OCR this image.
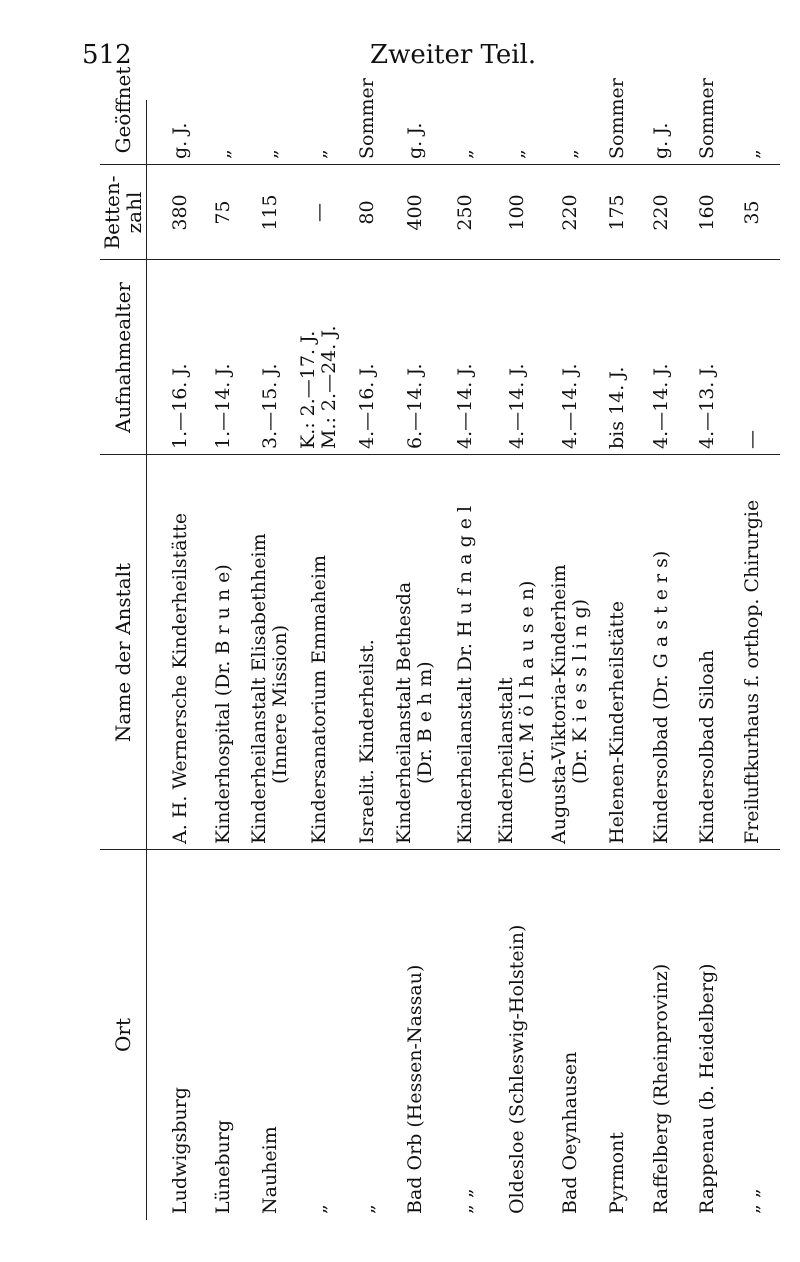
512	Zweiter Teil.
Ort
Name der Anstalt
Aufnahmealter
Betten-
zahl
Geöffnet
Ludwigsburg
A. H. Wernersche Kinderheilstätte
1.—16. J.
380
g. J.
Lüneburg
Kinderhospital (Dr. B r u n e)
1.—14. J.
75
„
Nauheim
Kinderheilanstalt Elisabethheim (Innere Mission)
3.—15. J.
115
„
„
Kindersanatorium Emmaheim
K.: 2.—17. J. M.: 2.—24. J.
—
„
„
Israelit. Kinderheilst.
4.—16. J.
80
Sommer
Bad Orb (Hessen-Nassau)
Kinderheilanstalt Bethesda (Dr. B e h m)
6.—14. J.
400
g. J.
„ „
Kinderheilanstalt Dr. H u f n a g e l
4.—14. J.
250
„
Oldesloe (Schleswig-Holstein)
Kinderheilanstalt (Dr. M ö l h a u s e n)
4.—14. J.
100
„
Bad Oeynhausen
Augusta-Viktoria-Kinderheim (Dr. K i e s s l i n g)
4.—14. J.
220
„
Pyrmont
Helenen-Kinderheilstätte
bis 14. J.
175
Sommer
Raffelberg (Rheinprovinz)
Kindersolbad (Dr. G a s t e r s)
4.—14. J.
220
g. J.
Rappenau (b. Heidelberg)
Kindersolbad Siloah
4.—13. J.
160
Sommer
„ „
Freiluftkurhaus f. orthop. Chirurgie
—
35
„
